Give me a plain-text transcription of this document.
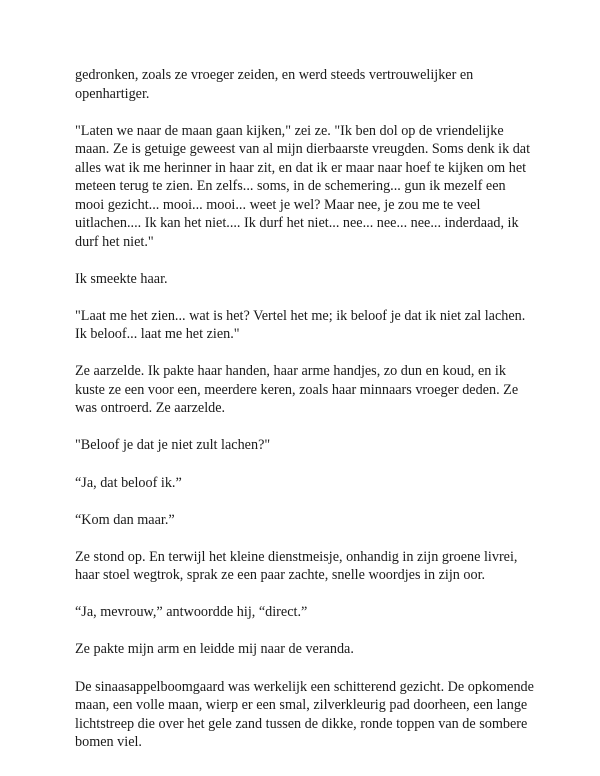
gedronken, zoals ze vroeger zeiden, en werd steeds vertrouwelijker en openhartiger.

"Laten we naar de maan gaan kijken," zei ze. "Ik ben dol op de vriendelijke maan. Ze is getuige geweest van al mijn dierbaarste vreugden. Soms denk ik dat alles wat ik me herinner in haar zit, en dat ik er maar naar hoef te kijken om het meteen terug te zien. En zelfs... soms, in de schemering... gun ik mezelf een mooi gezicht... mooi... mooi... weet je wel? Maar nee, je zou me te veel uitlachen.... Ik kan het niet.... Ik durf het niet... nee... nee... nee... inderdaad, ik durf het niet."

Ik smeekte haar.

"Laat me het zien... wat is het? Vertel het me; ik beloof je dat ik niet zal lachen. Ik beloof... laat me het zien."

Ze aarzelde. Ik pakte haar handen, haar arme handjes, zo dun en koud, en ik kuste ze een voor een, meerdere keren, zoals haar minnaars vroeger deden. Ze was ontroerd. Ze aarzelde.

"Beloof je dat je niet zult lachen?"

“Ja, dat beloof ik.”

“Kom dan maar.”

Ze stond op. En terwijl het kleine dienstmeisje, onhandig in zijn groene livrei, haar stoel wegtrok, sprak ze een paar zachte, snelle woordjes in zijn oor.

“Ja, mevrouw,” antwoordde hij, “direct.”

Ze pakte mijn arm en leidde mij naar de veranda.

De sinaasappelboomgaard was werkelijk een schitterend gezicht. De opkomende maan, een volle maan, wierp er een smal, zilverkleurig pad doorheen, een lange lichtstreep die over het gele zand tussen de dikke, ronde toppen van de sombere bomen viel.
